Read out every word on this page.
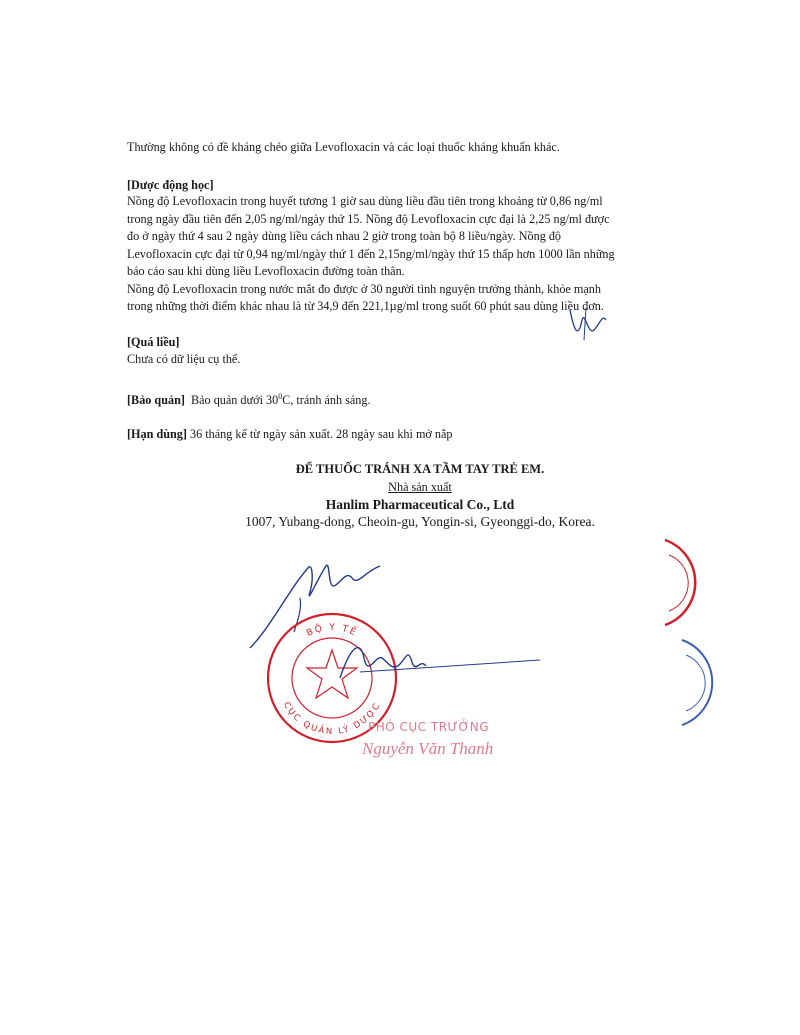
Thường không có đề kháng chéo giữa Levofloxacin và các loại thuốc kháng khuẩn khác.
[Dược động học]
Nồng độ Levofloxacin trong huyết tương 1 giờ sau dùng liều đầu tiên trong khoảng từ 0,86 ng/ml
trong ngày đầu tiên đến 2,05 ng/ml/ngày thứ 15. Nồng độ Levofloxacin cực đại là 2,25 ng/ml được
đo ở ngày thứ 4 sau 2 ngày dùng liều cách nhau 2 giờ trong toàn bộ 8 liều/ngày. Nồng độ
Levofloxacin cực đại từ 0,94 ng/ml/ngày thứ 1 đến 2,15ng/ml/ngày thứ 15 thấp hơn 1000 lần những
báo cáo sau khi dùng liều Levofloxacin đường toàn thân.
Nồng độ Levofloxacin trong nước mắt đo được ở 30 người tình nguyện trưởng thành, khỏe mạnh
trong những thời điểm khác nhau là từ 34,9 đến 221,1µg/ml trong suốt 60 phút sau dùng liều đơn.
[Quá liều]
Chưa có dữ liệu cụ thể.
[Bảo quản] Bảo quản dưới $30^0C$, tránh ánh sáng.
[Hạn dùng] 36 tháng kể từ ngày sản xuất. 28 ngày sau khi mở nắp
ĐỂ THUỐC TRÁNH XA TẦM TAY TRẺ EM.
Nhà sản xuất
Hanlim Pharmaceutical Co., Ltd
1007, Yubang-dong, Cheoin-gu, Yongin-si, Gyeonggi-do, Korea.
BỘ Y TẾ
CỤC QUẢN LÝ DƯỢC
PHÓ CỤC TRƯỞNG
Nguyễn Văn Thanh
